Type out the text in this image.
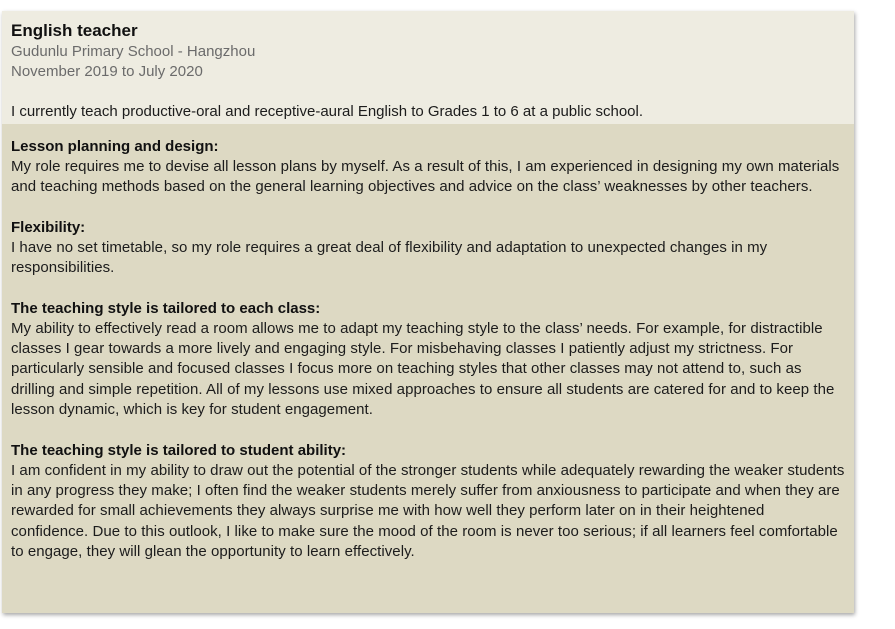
English teacher

Gudunlu Primary School - Hangzhou

November 2019 to July 2020

I currently teach productive-oral and receptive-aural English to Grades 1 to 6 at a public school.

Lesson planning and design:

My role requires me to devise all lesson plans by myself. As a result of this, I am experienced in designing my own materials and teaching methods based on the general learning objectives and advice on the class’ weaknesses by other teachers.

Flexibility:

I have no set timetable, so my role requires a great deal of flexibility and adaptation to unexpected changes in my responsibilities.

The teaching style is tailored to each class:

My ability to effectively read a room allows me to adapt my teaching style to the class’ needs. For example, for distractible classes I gear towards a more lively and engaging style. For misbehaving classes I patiently adjust my strictness. For particularly sensible and focused classes I focus more on teaching styles that other classes may not attend to, such as drilling and simple repetition. All of my lessons use mixed approaches to ensure all students are catered for and to keep the lesson dynamic, which is key for student engagement.

The teaching style is tailored to student ability:

I am confident in my ability to draw out the potential of the stronger students while adequately rewarding the weaker students in any progress they make; I often find the weaker students merely suffer from anxiousness to participate and when they are rewarded for small achievements they always surprise me with how well they perform later on in their heightened confidence. Due to this outlook, I like to make sure the mood of the room is never too serious; if all learners feel comfortable to engage, they will glean the opportunity to learn effectively.
